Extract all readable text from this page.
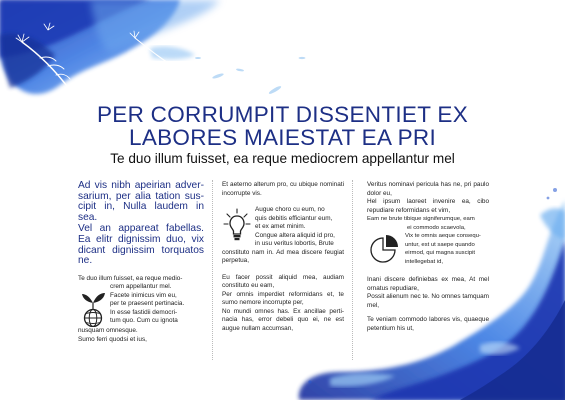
PER CORRUMPIT DISSENTIET EX
LABORES MAIESTAT EA PRI
Te duo illum fuisset, ea reque mediocrem appellantur mel

Ad vis nibh apeirian adver-sarium, per alia tation sus-cipit in, Nulla laudem in sea.

Vel an appareat fabellas. Ea elitr dignissim duo, vix dicant dignissim torquatos ne.

Te duo illum fuisset, ea reque medio-

crem appellantur mel.
Facete inimicus vim eu,
per te praesent pertinacia.
In esse fastidii democri-
tum quo. Cum cu ignota

nusquam omnesque.

Sumo ferri quodsi et ius,

Et aeterno alterum pro, cu ubique nominati incorrupte vis.

Augue choro cu eum, no
quis debitis efficiantur eum,
et ex amet minim.
Congue altera aliquid id pro,
in usu veritus lobortis, Brute

constituto nam in. Ad mea discere feugiat perpetua,

Eu facer possit aliquid mea, audiam constituto eu eam,

Per omnis imperdiet reformidans et, te sumo nemore incorrupte per,

No mundi omnes has. Ex ancillae perti-nacia has, error debeli quo ei, ne est augue nullam accumsan,

Veritus nominavi pericula has ne, pri paulo dolor eu,

Hel ipsum laoreet invenire ea, cibo repudiare reformidans et vim,

Eam ne brute tibique signiferumque, eam

ei commodo scaevola,

Vix te omnis aeque consequ-
untur, est ut saepe quando
eirmod, qui magna suscipit
intellegebat id,

Inani discere definiebas ex mea, At mel ornatus repudiare,

Possit alienum nec te. No omnes tamquam mel,

Te veniam commodo labores vis, quaeque petentium his ut,
